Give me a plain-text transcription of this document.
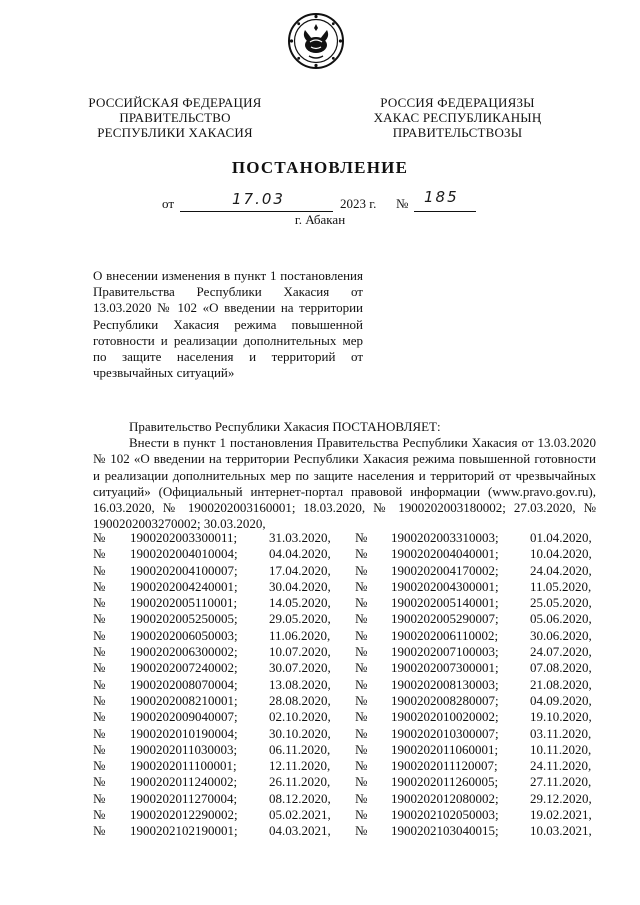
РОССИЙСКАЯ ФЕДЕРАЦИЯ
ПРАВИТЕЛЬСТВО
РЕСПУБЛИКИ ХАКАСИЯ
РОССИЯ ФЕДЕРАЦИЯЗЫ
ХАКАС РЕСПУБЛИКАНЫҢ
ПРАВИТЕЛЬСТВОЗЫ
ПОСТАНОВЛЕНИЕ
от	17.03	2023 г. № 185
г. Абакан
О внесении изменения в пункт 1 постановления Правительства Республики Хакасия от 13.03.2020 № 102 «О введении на территории Республики Хакасия режима повышенной готовности и реализации дополнительных мер по защите населения и территорий от чрезвычайных ситуаций»

Правительство Республики Хакасия ПОСТАНОВЛЯЕТ:

Внести в пункт 1 постановления Правительства Республики Хакасия от 13.03.2020 № 102 «О введении на территории Республики Хакасия режима повышенной готовности и реализации дополнительных мер по защите населения и территорий от чрезвычайных ситуаций» (Официальный интернет-портал правовой информации (www.pravo.gov.ru), 16.03.2020, № 1900202003160001; 18.03.2020, № 1900202003180002; 27.03.2020, № 1900202003270002; 30.03.2020,

№ 1900202003300011; 31.03.2020, № 1900202003310003; 01.04.2020,
№ 1900202004010004; 04.04.2020, № 1900202004040001; 10.04.2020,
№ 1900202004100007; 17.04.2020, № 1900202004170002; 24.04.2020,
№ 1900202004240001; 30.04.2020, № 1900202004300001; 11.05.2020,
№ 1900202005110001; 14.05.2020, № 1900202005140001; 25.05.2020,
№ 1900202005250005; 29.05.2020, № 1900202005290007; 05.06.2020,
№ 1900202006050003; 11.06.2020, № 1900202006110002; 30.06.2020,
№ 1900202006300002; 10.07.2020, № 1900202007100003; 24.07.2020,
№ 1900202007240002; 30.07.2020, № 1900202007300001; 07.08.2020,
№ 1900202008070004; 13.08.2020, № 1900202008130003; 21.08.2020,
№ 1900202008210001; 28.08.2020, № 1900202008280007; 04.09.2020,
№ 1900202009040007; 02.10.2020, № 1900202010020002; 19.10.2020,
№ 1900202010190004; 30.10.2020, № 1900202010300007; 03.11.2020,
№ 1900202011030003; 06.11.2020, № 1900202011060001; 10.11.2020,
№ 1900202011100001; 12.11.2020, № 1900202011120007; 24.11.2020,
№ 1900202011240002; 26.11.2020, № 1900202011260005; 27.11.2020,
№ 1900202011270004; 08.12.2020, № 1900202012080002; 29.12.2020,
№ 1900202012290002; 05.02.2021, № 1900202102050003; 19.02.2021,
№ 1900202102190001; 04.03.2021, № 1900202103040015; 10.03.2021,
